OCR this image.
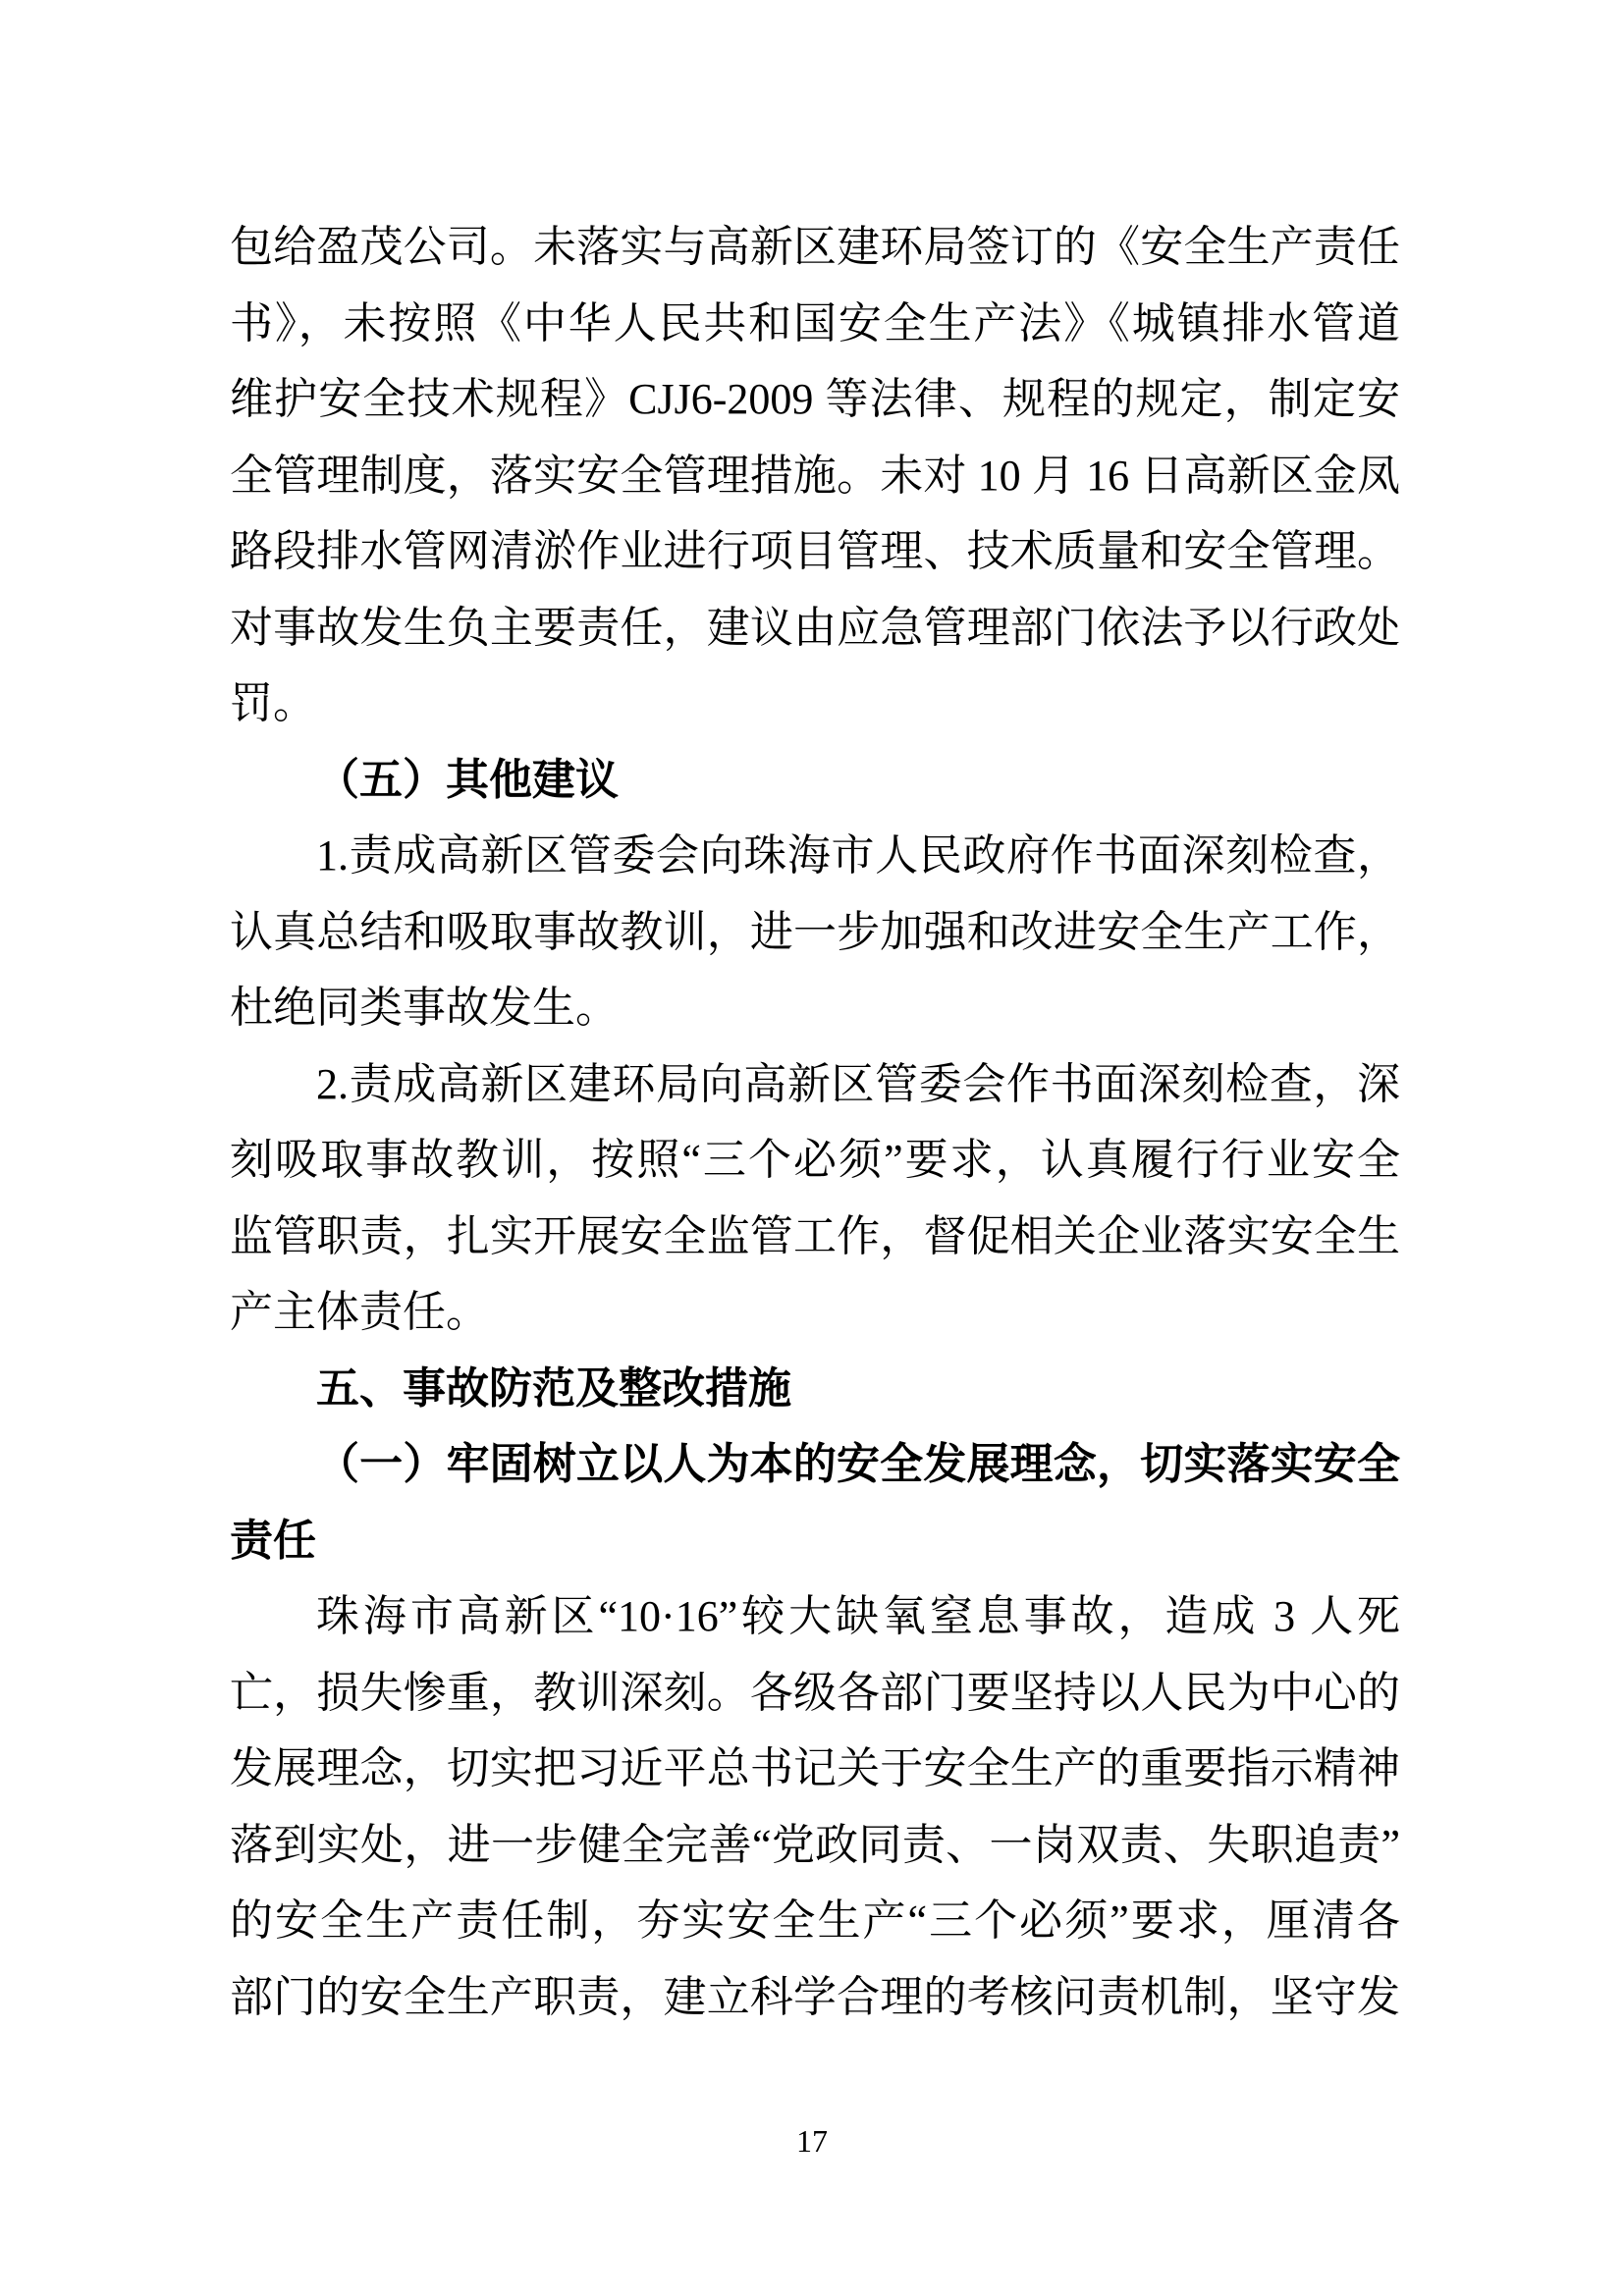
包给盈茂公司。未落实与高新区建环局签订的《安全生产责任
书》，未按照《中华人民共和国安全生产法》《城镇排水管道
维护安全技术规程》CJJ6-2009 等法律、规程的规定，制定安
全管理制度，落实安全管理措施。未对 10 月 16 日高新区金凤
路段排水管网清淤作业进行项目管理、技术质量和安全管理。
对事故发生负主要责任，建议由应急管理部门依法予以行政处
罚。
（五）其他建议
1.责成高新区管委会向珠海市人民政府作书面深刻检查，
认真总结和吸取事故教训，进一步加强和改进安全生产工作，
杜绝同类事故发生。
2.责成高新区建环局向高新区管委会作书面深刻检查，深
刻吸取事故教训，按照“三个必须”要求，认真履行行业安全
监管职责，扎实开展安全监管工作，督促相关企业落实安全生
产主体责任。
五、事故防范及整改措施
（一）牢固树立以人为本的安全发展理念，切实落实安全
责任
珠海市高新区“10·16”较大缺氧窒息事故，造成 3 人死
亡，损失惨重，教训深刻。各级各部门要坚持以人民为中心的
发展理念，切实把习近平总书记关于安全生产的重要指示精神
落到实处，进一步健全完善“党政同责、一岗双责、失职追责”
的安全生产责任制，夯实安全生产“三个必须”要求，厘清各
部门的安全生产职责，建立科学合理的考核问责机制，坚守发
17
